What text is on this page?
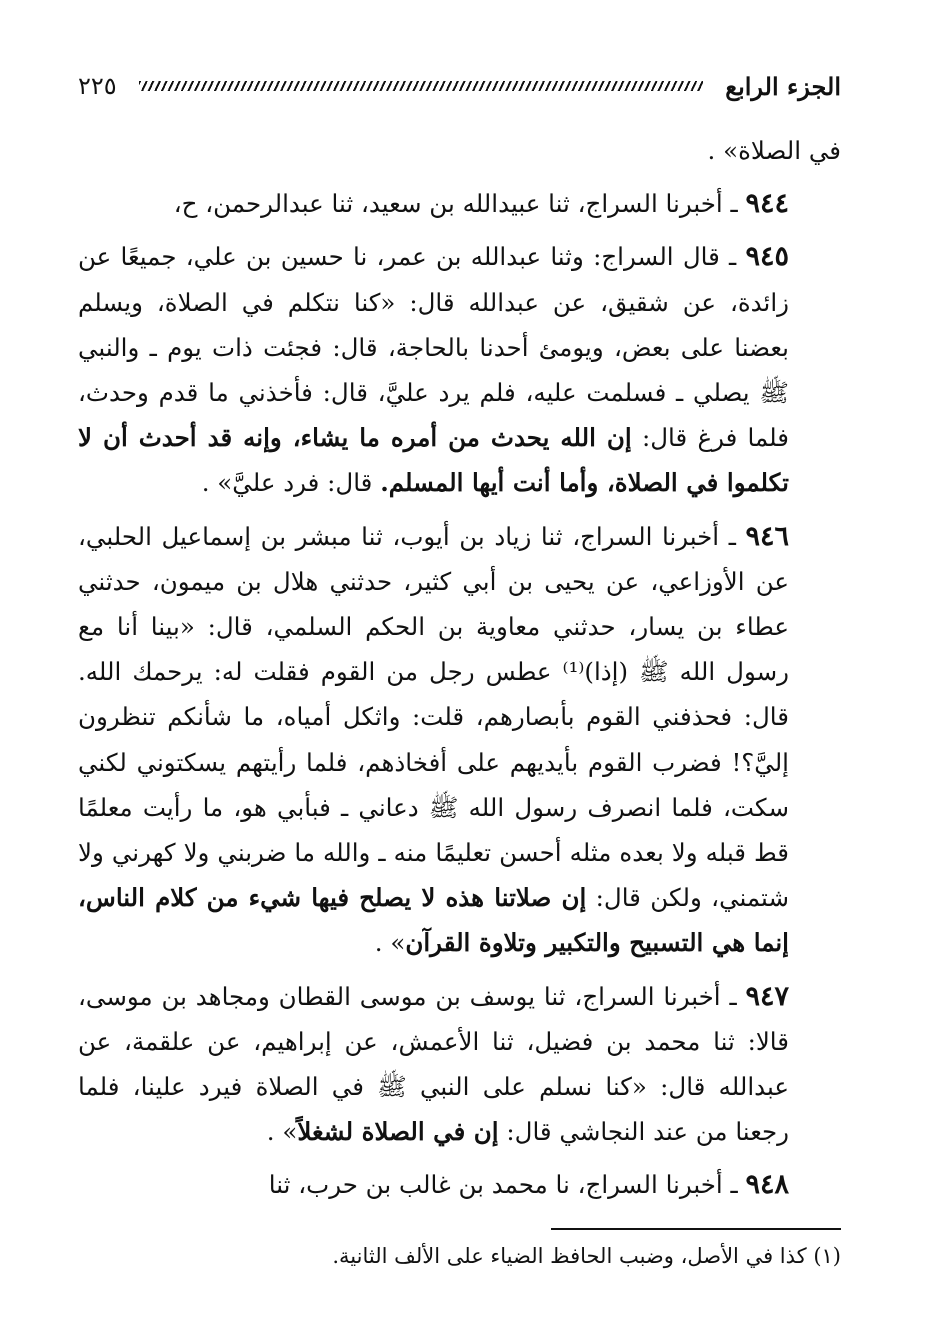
الجزء الرابع
٢٢٥

في الصلاة» .

٩٤٤ ـ أخبرنا السراج، ثنا عبيدالله بن سعيد، ثنا عبدالرحمن، ح،

٩٤٥ ـ قال السراج: وثنا عبدالله بن عمر، نا حسين بن علي، جميعًا عن زائدة، عن شقيق، عن عبدالله قال: «كنا نتكلم في الصلاة، ويسلم بعضنا على بعض، ويومئ أحدنا بالحاجة، قال: فجئت ذات يوم ـ والنبي ﷺ يصلي ـ فسلمت عليه، فلم يرد عليَّ، قال: فأخذني ما قدم وحدث، فلما فرغ قال: إن الله يحدث من أمره ما يشاء، وإنه قد أحدث أن لا تكلموا في الصلاة، وأما أنت أيها المسلم. قال: فرد عليَّ» .

٩٤٦ ـ أخبرنا السراج، ثنا زياد بن أيوب، ثنا مبشر بن إسماعيل الحلبي، عن الأوزاعي، عن يحيى بن أبي كثير، حدثني هلال بن ميمون، حدثني عطاء بن يسار، حدثني معاوية بن الحكم السلمي، قال: «بينا أنا مع رسول الله ﷺ (إذا)⁽¹⁾ عطس رجل من القوم فقلت له: يرحمك الله. قال: فحذفني القوم بأبصارهم، قلت: واثكل أمياه، ما شأنكم تنظرون إليَّ؟! فضرب القوم بأيديهم على أفخاذهم، فلما رأيتهم يسكتوني لكني سكت، فلما انصرف رسول الله ﷺ دعاني ـ فبأبي هو، ما رأيت معلمًا قط قبله ولا بعده مثله أحسن تعليمًا منه ـ والله ما ضربني ولا كهرني ولا شتمني، ولكن قال: إن صلاتنا هذه لا يصلح فيها شيء من كلام الناس، إنما هي التسبيح والتكبير وتلاوة القرآن» .

٩٤٧ ـ أخبرنا السراج، ثنا يوسف بن موسى القطان ومجاهد بن موسى، قالا: ثنا محمد بن فضيل، ثنا الأعمش، عن إبراهيم، عن علقمة، عن عبدالله قال: «كنا نسلم على النبي ﷺ في الصلاة فيرد علينا، فلما رجعنا من عند النجاشي قال: إن في الصلاة لشغلاً» .

٩٤٨ ـ أخبرنا السراج، نا محمد بن غالب بن حرب، ثنا

(١) كذا في الأصل، وضبب الحافظ الضياء على الألف الثانية.
